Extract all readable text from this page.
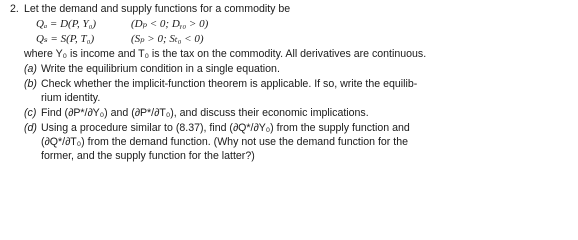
2. Let the demand and supply functions for a commodity be
Qₐ = D(P, Y₀)	(Dₚ < 0; Dᵧ₀ > 0)
Qₛ = S(P, T₀)	(Sₚ > 0; Sₜ₀ < 0)
where Y₀ is income and T₀ is the tax on the commodity. All derivatives are continuous.
(a) Write the equilibrium condition in a single equation.
(b) Check whether the implicit-function theorem is applicable. If so, write the equilib-
rium identity.
(c) Find (∂P*/∂Y₀) and (∂P*/∂T₀), and discuss their economic implications.
(d) Using a procedure similar to (8.37), find (∂Q*/∂Y₀) from the supply function and
(∂Q*/∂T₀) from the demand function. (Why not use the demand function for the
former, and the supply function for the latter?)
